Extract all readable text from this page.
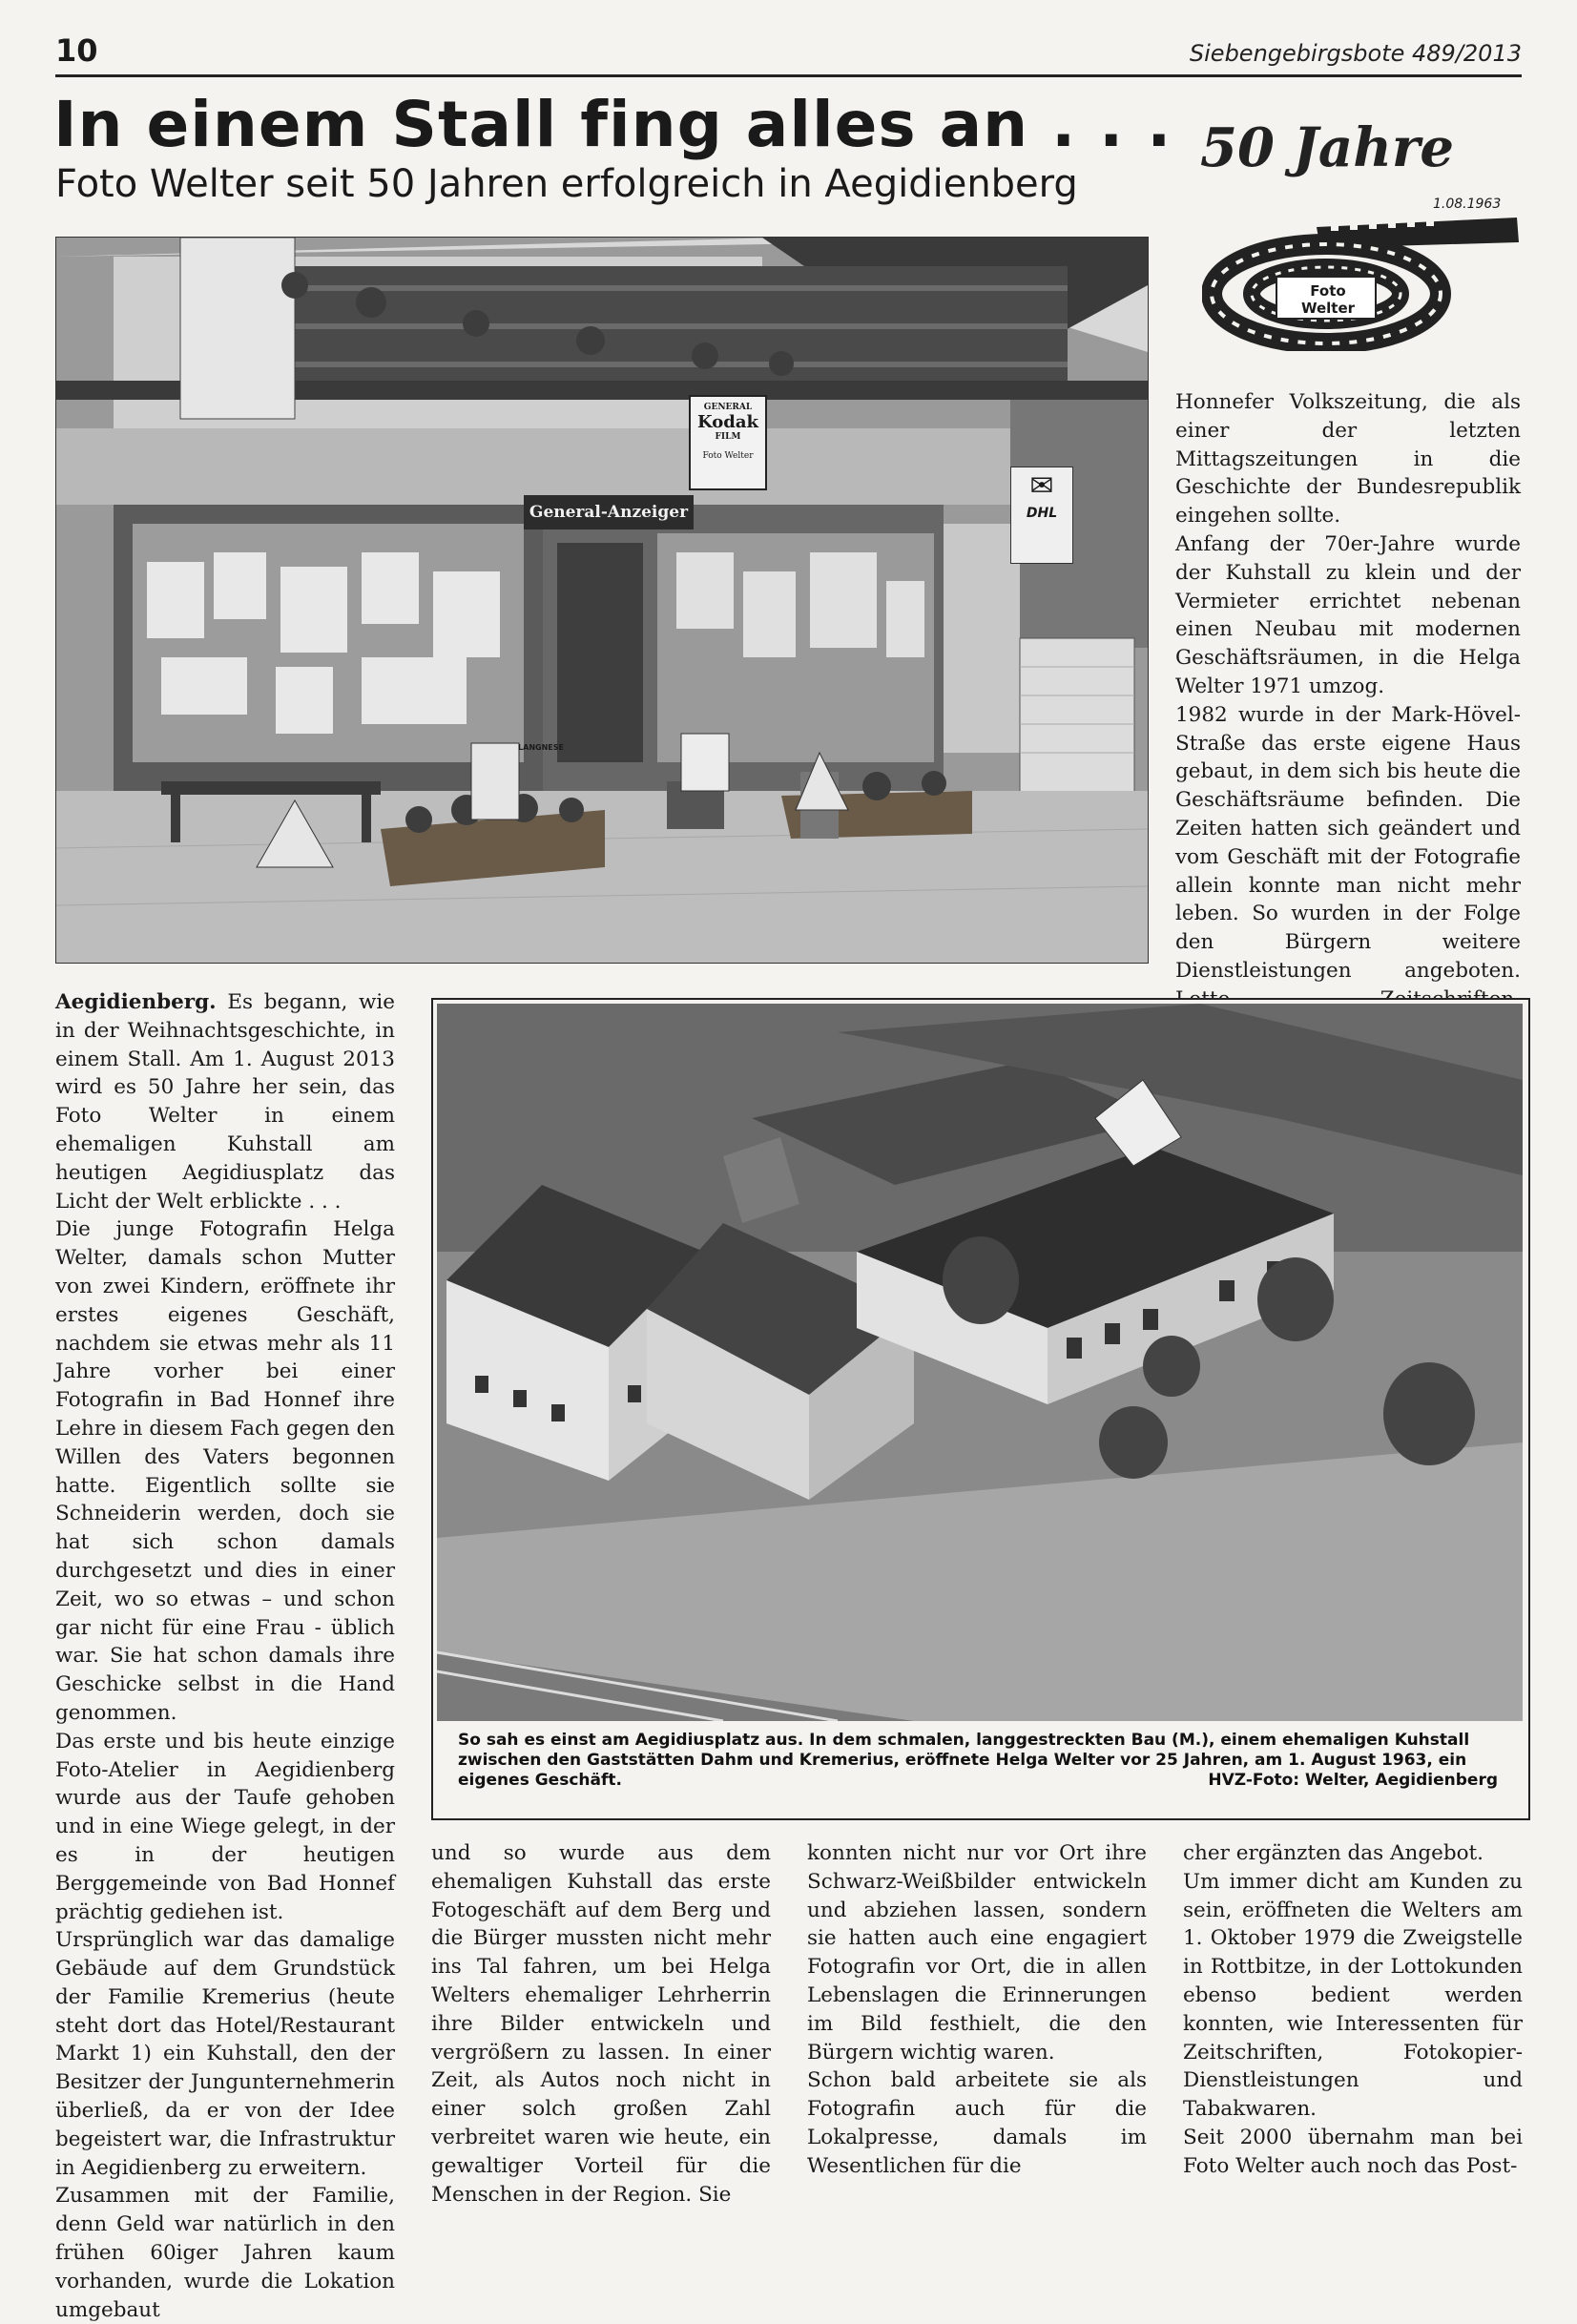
10	Siebengebirgsbote 489/2013
In einem Stall fing alles an . . .
Foto Welter seit 50 Jahren erfolgreich in Aegidienberg
50 Jahre
1.08.1963
Foto
Welter
GENERAL
Kodak
FILM
Foto Welter
General-Anzeiger
✉
DHL
LANGNESE

Honnefer Volkszeitung, die als einer der letzten Mittagszeitungen in die Geschichte der Bundesrepublik eingehen sollte.

Anfang der 70er-Jahre wurde der Kuhstall zu klein und der Vermieter errichtet nebenan einen Neubau mit modernen Geschäftsräumen, in die Helga Welter 1971 umzog.

1982 wurde in der Mark-Hövel-Straße das erste eigene Haus gebaut, in dem sich bis heute die Geschäftsräume befinden. Die Zeiten hatten sich geändert und vom Geschäft mit der Fotografie allein konnte man nicht mehr leben. So wurden in der Folge den Bürgern weitere Dienstleistungen angeboten.

Aegidienberg. Es begann, wie in der Weihnachtsgeschichte, in einem Stall. Am 1. August 2013 wird es 50 Jahre her sein, das Foto Welter in einem ehemaligen Kuhstall am heutigen Aegidiusplatz das Licht der Welt erblickte . . .

Die junge Fotografin Helga Welter, damals schon Mutter von zwei Kindern, eröffnete ihr erstes eigenes Geschäft, nachdem sie etwas mehr als 11 Jahre vorher bei einer Fotografin in Bad Honnef ihre Lehre in diesem Fach gegen den Willen des Vaters begonnen hatte. Eigentlich sollte sie Schneiderin werden, doch sie hat sich schon damals durchgesetzt und dies in einer Zeit, wo so etwas – und schon gar nicht für eine Frau - üblich war. Sie hat schon damals ihre Geschicke selbst in die Hand genommen.

Das erste und bis heute einzige Foto-Atelier in Aegidienberg wurde aus der Taufe gehoben und in eine Wiege gelegt, in der es in der heutigen Berggemeinde von Bad Honnef prächtig gediehen ist.

Ursprünglich war das damalige Gebäude auf dem Grundstück der Familie Kremerius (heute steht dort das Hotel/Restaurant Markt 1) ein Kuhstall, den der Besitzer der Jungunternehmerin überließ, da er von der Idee begeistert war, die Infrastruktur in Aegidienberg zu erweitern.

Zusammen mit der Familie, denn Geld war natürlich in den frühen 60iger Jahren kaum vorhanden, wurde die Lokation umgebaut

So sah es einst am Aegidiusplatz aus. In dem schmalen, langgestreckten Bau (M.), einem ehemaligen Kuhstall zwischen den Gaststätten Dahm und Kremerius, eröffnete Helga Welter vor 25 Jahren, am 1. August 1963, ein eigenes Geschäft.	HVZ-Foto: Welter, Aegidienberg

und so wurde aus dem ehemaligen Kuhstall das erste Fotogeschäft auf dem Berg und die Bürger mussten nicht mehr ins Tal fahren, um bei Helga Welters ehemaliger Lehrherrin ihre Bilder entwickeln und vergrößern zu lassen. In einer Zeit, als Autos noch nicht in einer solch großen Zahl verbreitet waren wie heute, ein gewaltiger Vorteil für die Menschen in der Region. Sie

konnten nicht nur vor Ort ihre Schwarz-Weißbilder entwickeln und abziehen lassen, sondern sie hatten auch eine engagiert Fotografin vor Ort, die in allen Lebenslagen die Erinnerungen im Bild festhielt, die den Bürgern wichtig waren.

Schon bald arbeitete sie als Fotografin auch für die Lokalpresse, damals im Wesentlichen für die

cher ergänzten das Angebot.

Um immer dicht am Kunden zu sein, eröffneten die Welters am 1. Oktober 1979 die Zweigstelle in Rottbitze, in der Lottokunden ebenso bedient werden konnten, wie Interessenten für Zeitschriften, Fotokopier-Dienstleistungen und Tabakwaren.

Seit 2000 übernahm man bei Foto Welter auch noch das Post-
